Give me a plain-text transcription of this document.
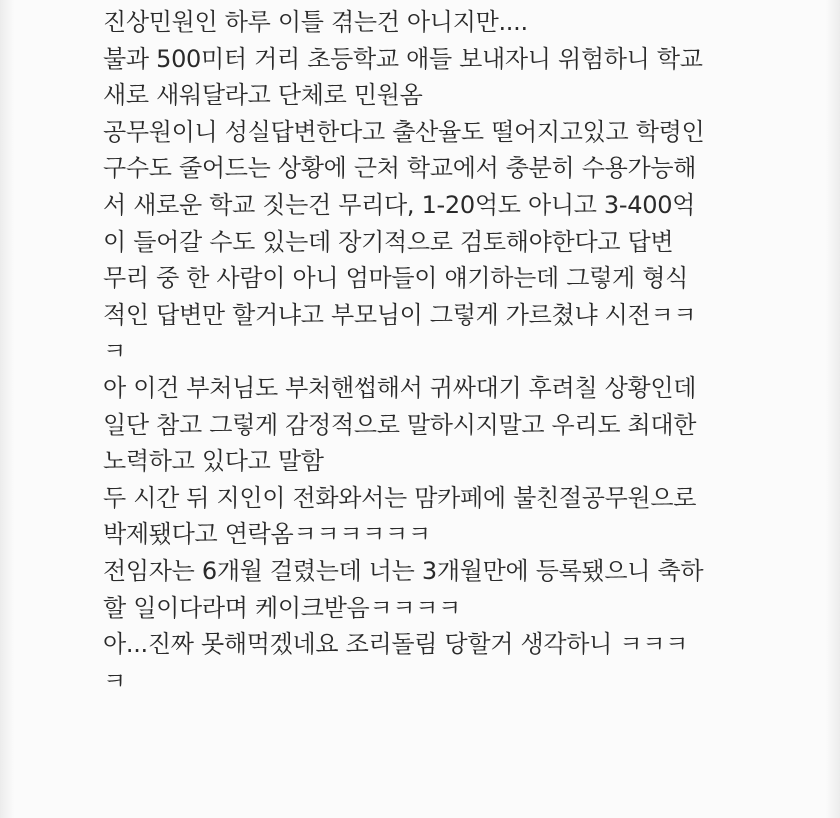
진상민원인 하루 이틀 겪는건 아니지만....
불과 500미터 거리 초등학교 애들 보내자니 위험하니 학교
새로 새워달라고 단체로 민원옴
공무원이니 성실답변한다고 출산율도 떨어지고있고 학령인
구수도 줄어드는 상황에 근처 학교에서 충분히 수용가능해
서 새로운 학교 짓는건 무리다, 1-20억도 아니고 3-400억
이 들어갈 수도 있는데 장기적으로 검토해야한다고 답변
무리 중 한 사람이 아니 엄마들이 얘기하는데 그렇게 형식
적인 답변만 할거냐고 부모님이 그렇게 가르쳤냐 시전ㅋㅋ
ㅋ
아 이건 부처님도 부처핸썹해서 귀싸대기 후려칠 상황인데
일단 참고 그렇게 감정적으로 말하시지말고 우리도 최대한
노력하고 있다고 말함
두 시간 뒤 지인이 전화와서는 맘카페에 불친절공무원으로
박제됐다고 연락옴ㅋㅋㅋㅋㅋㅋ
전임자는 6개월 걸렸는데 너는 3개월만에 등록됐으니 축하
할 일이다라며 케이크받음ㅋㅋㅋㅋ
아...진짜 못해먹겠네요 조리돌림 당할거 생각하니 ㅋㅋㅋ
ㅋ
